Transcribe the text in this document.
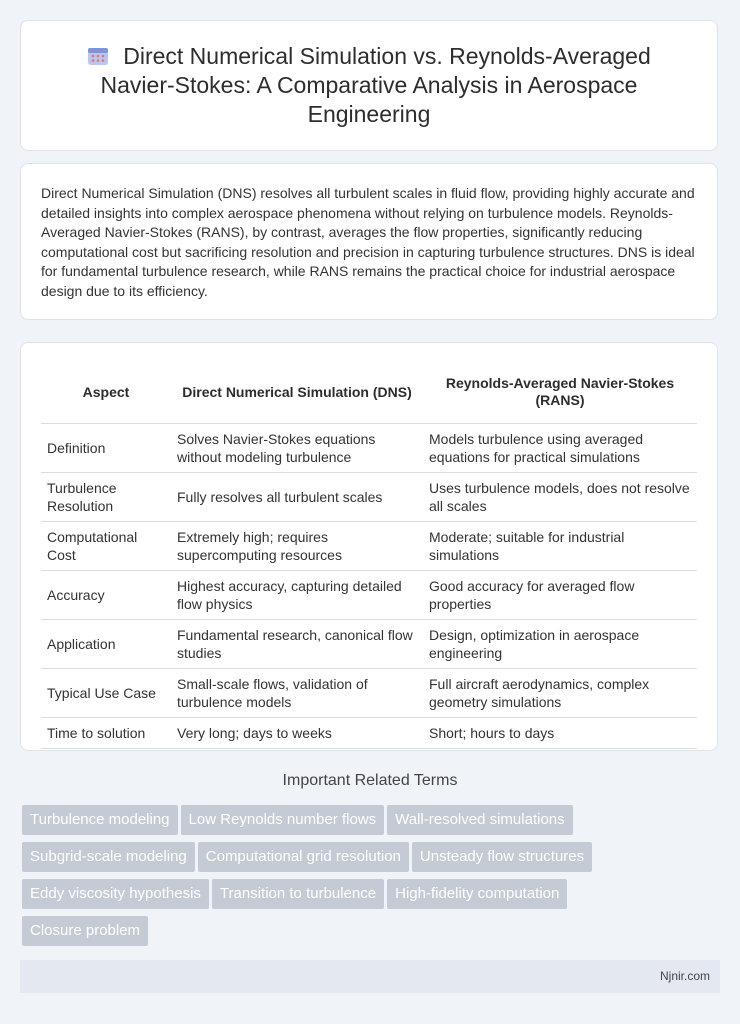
Direct Numerical Simulation vs. Reynolds-Averaged Navier-Stokes: A Comparative Analysis in Aerospace Engineering

Direct Numerical Simulation (DNS) resolves all turbulent scales in fluid flow, providing highly accurate and detailed insights into complex aerospace phenomena without relying on turbulence models. Reynolds-Averaged Navier-Stokes (RANS), by contrast, averages the flow properties, significantly reducing computational cost but sacrificing resolution and precision in capturing turbulence structures. DNS is ideal for fundamental turbulence research, while RANS remains the practical choice for industrial aerospace design due to its efficiency.

Aspect	Direct Numerical Simulation (DNS)	Reynolds-Averaged Navier-Stokes (RANS)
Definition	Solves Navier-Stokes equations without modeling turbulence	Models turbulence using averaged equations for practical simulations
Turbulence Resolution	Fully resolves all turbulent scales	Uses turbulence models, does not resolve all scales
Computational Cost	Extremely high; requires supercomputing resources	Moderate; suitable for industrial simulations
Accuracy	Highest accuracy, capturing detailed flow physics	Good accuracy for averaged flow properties
Application	Fundamental research, canonical flow studies	Design, optimization in aerospace engineering
Typical Use Case	Small-scale flows, validation of turbulence models	Full aircraft aerodynamics, complex geometry simulations
Time to solution	Very long; days to weeks	Short; hours to days
Important Related Terms
Turbulence modeling Low Reynolds number flows Wall-resolved simulations
Subgrid-scale modeling Computational grid resolution Unsteady flow structures
Eddy viscosity hypothesis Transition to turbulence High-fidelity computation
Closure problem
Njnir.com
